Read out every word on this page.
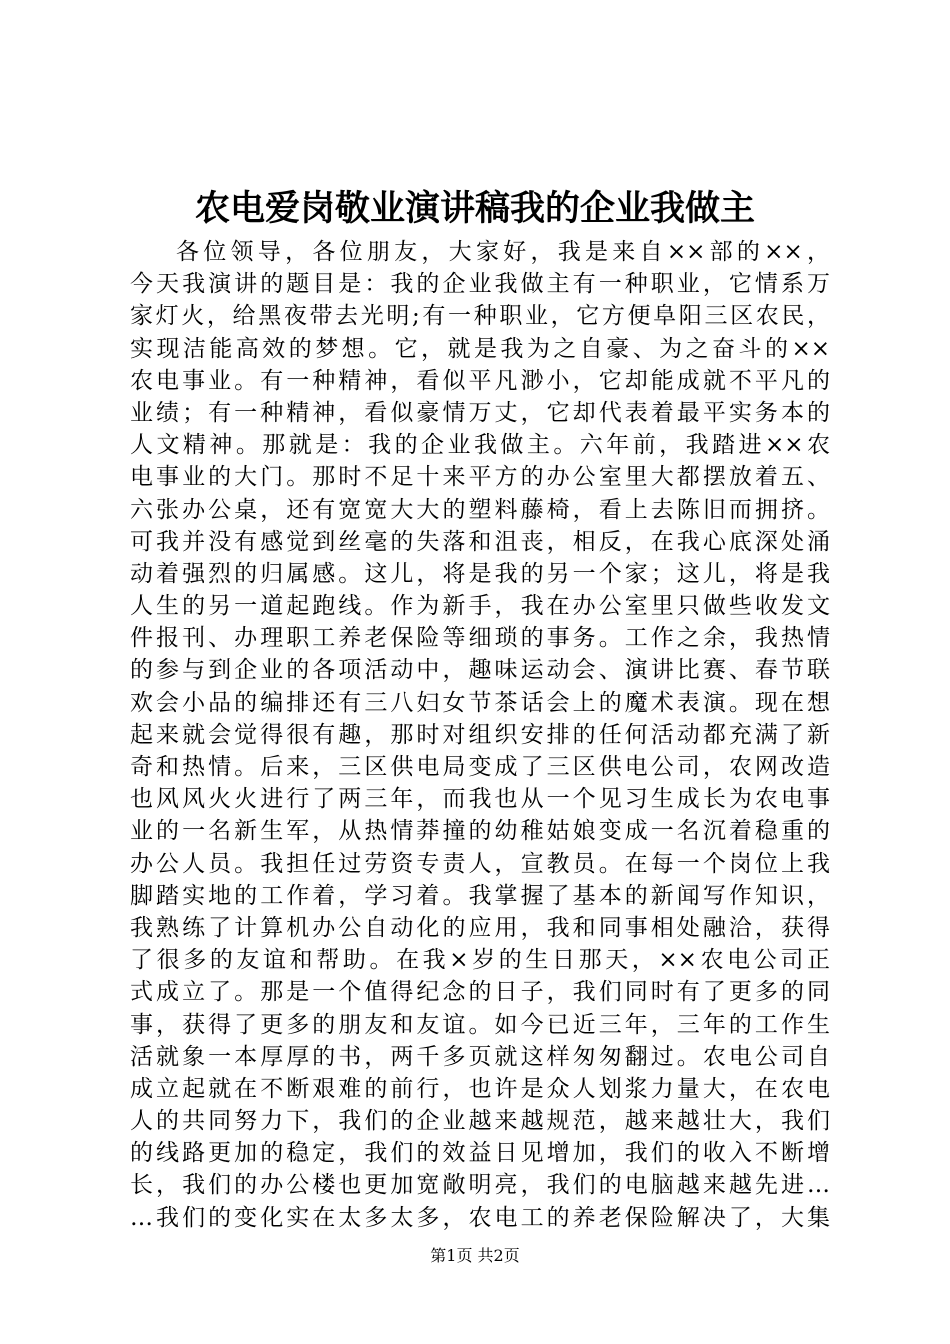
农电爱岗敬业演讲稿我的企业我做主
各位领导，各位朋友，大家好，我是来自××部的××，
今天我演讲的题目是：我的企业我做主有一种职业，它情系万
家灯火，给黑夜带去光明;有一种职业，它方便阜阳三区农民，
实现洁能高效的梦想。它，就是我为之自豪、为之奋斗的××
农电事业。有一种精神，看似平凡渺小，它却能成就不平凡的
业绩；有一种精神，看似豪情万丈，它却代表着最平实务本的
人文精神。那就是：我的企业我做主。六年前，我踏进××农
电事业的大门。那时不足十来平方的办公室里大都摆放着五、
六张办公桌，还有宽宽大大的塑料藤椅，看上去陈旧而拥挤。
可我并没有感觉到丝毫的失落和沮丧，相反，在我心底深处涌
动着强烈的归属感。这儿，将是我的另一个家；这儿，将是我
人生的另一道起跑线。作为新手，我在办公室里只做些收发文
件报刊、办理职工养老保险等细琐的事务。工作之余，我热情
的参与到企业的各项活动中，趣味运动会、演讲比赛、春节联
欢会小品的编排还有三八妇女节茶话会上的魔术表演。现在想
起来就会觉得很有趣，那时对组织安排的任何活动都充满了新
奇和热情。后来，三区供电局变成了三区供电公司，农网改造
也风风火火进行了两三年，而我也从一个见习生成长为农电事
业的一名新生军，从热情莽撞的幼稚姑娘变成一名沉着稳重的
办公人员。我担任过劳资专责人，宣教员。在每一个岗位上我
脚踏实地的工作着，学习着。我掌握了基本的新闻写作知识，
我熟练了计算机办公自动化的应用，我和同事相处融洽，获得
了很多的友谊和帮助。在我×岁的生日那天，××农电公司正
式成立了。那是一个值得纪念的日子，我们同时有了更多的同
事，获得了更多的朋友和友谊。如今已近三年，三年的工作生
活就象一本厚厚的书，两千多页就这样匆匆翻过。农电公司自
成立起就在不断艰难的前行，也许是众人划浆力量大，在农电
人的共同努力下，我们的企业越来越规范，越来越壮大，我们
的线路更加的稳定，我们的效益日见增加，我们的收入不断增
长，我们的办公楼也更加宽敞明亮，我们的电脑越来越先进…
…我们的变化实在太多太多，农电工的养老保险解决了，大集
第1页 共2页
